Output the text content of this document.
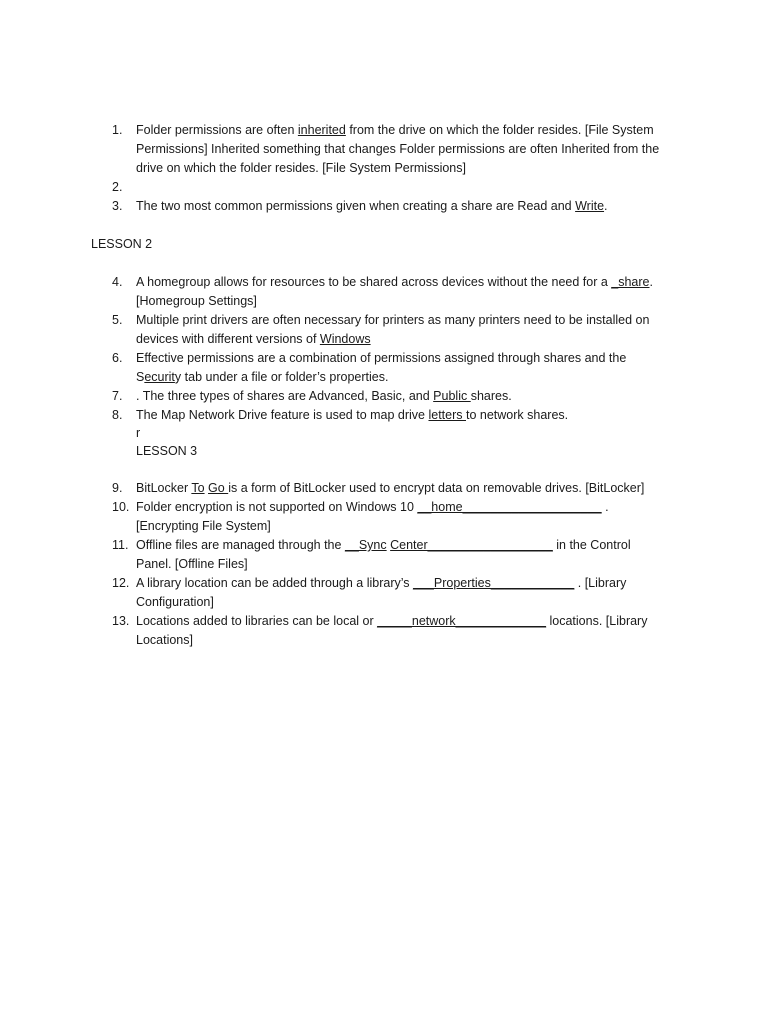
1.	Folder permissions are often inherited from the drive on which the folder resides. [File System Permissions] Inherited something that changes Folder permissions are often Inherited from the drive on which the folder resides. [File System Permissions]
2.

3.	The two most common permissions given when creating a share are Read and Write.
LESSON 2
4.	A homegroup allows for resources to be shared across devices without the need for a _share. [Homegroup Settings]
5.	Multiple print drivers are often necessary for printers as many printers need to be installed on devices with different versions of Windows
6.	Effective permissions are a combination of permissions assigned through shares and the Security tab under a file or folder’s properties.
7.	. The three types of shares are Advanced, Basic, and Public shares.
8.	The Map Network Drive feature is used to map drive letters to network shares.
r
LESSON 3
9.	BitLocker To Go is a form of BitLocker used to encrypt data on removable drives. [BitLocker]
10. Folder encryption is not supported on Windows 10 __home____________________ . [Encrypting File System]
11. Offline files are managed through the __Sync Center__________________ in the Control Panel. [Offline Files]
12. A library location can be added through a library’s ___Properties____________ . [Library Configuration]
13. Locations added to libraries can be local or _____network_____________ locations. [Library Locations]
